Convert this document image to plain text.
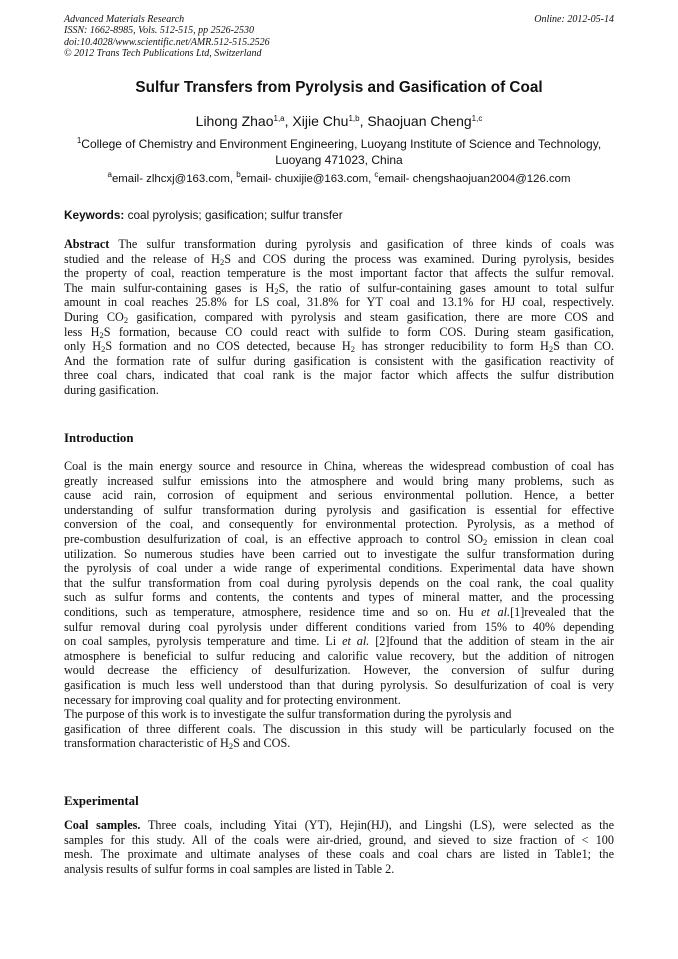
Advanced Materials Research
ISSN: 1662-8985, Vols. 512-515, pp 2526-2530
doi:10.4028/www.scientific.net/AMR.512-515.2526
© 2012 Trans Tech Publications Ltd, Switzerland
Online: 2012-05-14
Sulfur Transfers from Pyrolysis and Gasification of Coal
Lihong Zhao$^{1,a}$, Xijie Chu$^{1,b}$, Shaojuan Cheng$^{1,c}$
$^1$College of Chemistry and Environment Engineering, Luoyang Institute of Science and Technology,
Luoyang 471023, China
$^a$email- zlhcxj@163.com, $^b$email- chuxijie@163.com, $^c$email- chengshaojuan2004@126.com
Keywords: coal pyrolysis; gasification; sulfur transfer
Abstract The sulfur transformation during pyrolysis and gasification of three kinds of coals was
studied and the release of $H_2S$ and COS during the process was examined. During pyrolysis, besides
the property of coal, reaction temperature is the most important factor that affects the sulfur removal.
The main sulfur-containing gases is $H_2S$, the ratio of sulfur-containing gases amount to total sulfur
amount in coal reaches 25.8% for LS coal, 31.8% for YT coal and 13.1% for HJ coal, respectively.
During $CO_2$ gasification, compared with pyrolysis and steam gasification, there are more COS and
less $H_2S$ formation, because CO could react with sulfide to form COS. During steam gasification,
only $H_2S$ formation and no COS detected, because $H_2$ has stronger reducibility to form $H_2S$ than CO.
And the formation rate of sulfur during gasification is consistent with the gasification reactivity of
three coal chars, indicated that coal rank is the major factor which affects the sulfur distribution
during gasification.
Introduction
Coal is the main energy source and resource in China, whereas the widespread combustion of coal has
greatly increased sulfur emissions into the atmosphere and would bring many problems, such as
cause acid rain, corrosion of equipment and serious environmental pollution. Hence, a better
understanding of sulfur transformation during pyrolysis and gasification is essential for effective
conversion of the coal, and consequently for environmental protection. Pyrolysis, as a method of
pre-combustion desulfurization of coal, is an effective approach to control $SO_2$ emission in clean coal
utilization. So numerous studies have been carried out to investigate the sulfur transformation during
the pyrolysis of coal under a wide range of experimental conditions. Experimental data have shown
that the sulfur transformation from coal during pyrolysis depends on the coal rank, the coal quality
such as sulfur forms and contents, the contents and types of mineral matter, and the processing
conditions, such as temperature, atmosphere, residence time and so on. Hu et al.[1]revealed that the
sulfur removal during coal pyrolysis under different conditions varied from 15% to 40% depending
on coal samples, pyrolysis temperature and time. Li et al. [2]found that the addition of steam in the air
atmosphere is beneficial to sulfur reducing and calorific value recovery, but the addition of nitrogen
would decrease the efficiency of desulfurization. However, the conversion of sulfur during
gasification is much less well understood than that during pyrolysis. So desulfurization of coal is very
necessary for improving coal quality and for protecting environment.
The purpose of this work is to investigate the sulfur transformation during the pyrolysis and
gasification of three different coals. The discussion in this study will be particularly focused on the
transformation characteristic of $H_2S$ and COS.
Experimental
Coal samples. Three coals, including Yitai (YT), Hejin(HJ), and Lingshi (LS), were selected as the
samples for this study. All of the coals were air-dried, ground, and sieved to size fraction of < 100
mesh. The proximate and ultimate analyses of these coals and coal chars are listed in Table1; the
analysis results of sulfur forms in coal samples are listed in Table 2.
